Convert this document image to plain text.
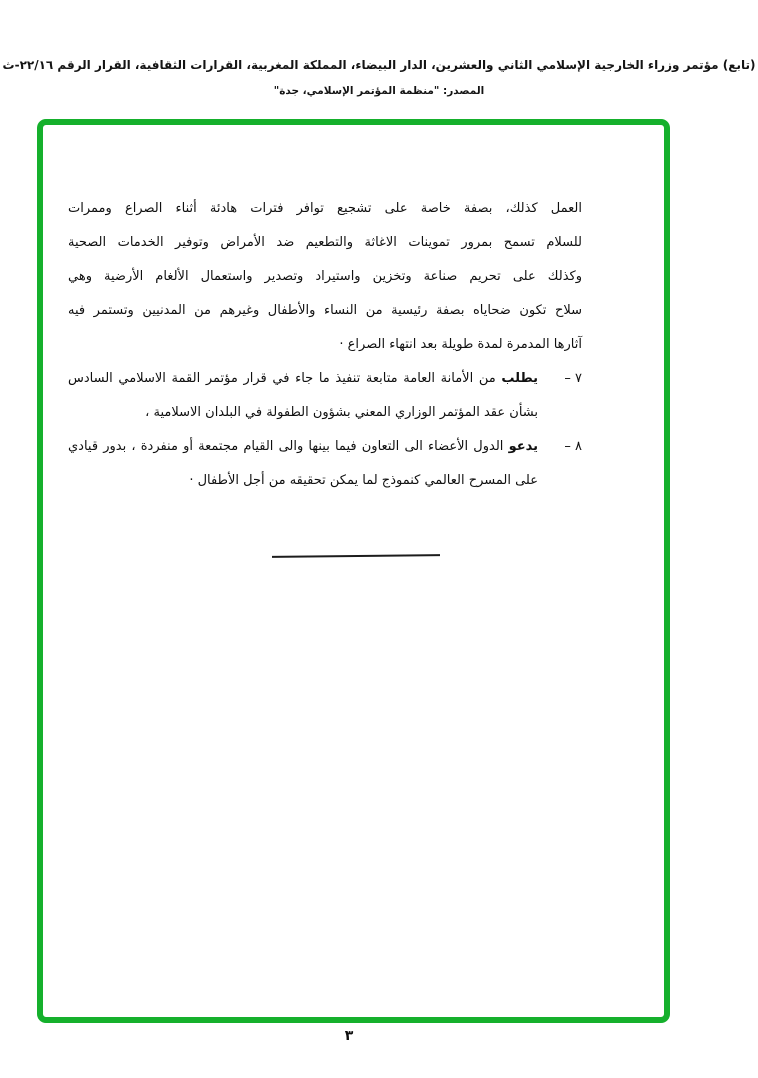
(تابع) مؤتمر وزراء الخارجية الإسلامي الثاني والعشرين، الدار البيضاء، المملكة المغربية، القرارات الثقافية، القرار الرقم ٢٢/١٦-ث
المصدر: "منظمة المؤتمر الإسلامي، جدة"
العمل كذلك، بصفة خاصة على تشجيع توافر فترات هادئة أثناء الصراع وممرات
للسلام تسمح بمرور تموينات الاغاثة والتطعيم ضد الأمراض وتوفير الخدمات الصحية
وكذلك على تحريم صناعة وتخزين واستيراد وتصدير واستعمال الألغام الأرضية وهي
سلاح تكون ضحاياه بصفة رئيسية من النساء والأطفال وغيرهم من المدنيين وتستمر فيه
آثارها المدمرة لمدة طويلة بعد انتهاء الصراع ·
٧ –
يطلب من الأمانة العامة متابعة تنفيذ ما جاء في قرار مؤتمر القمة الاسلامي السادس
بشأن عقد المؤتمر الوزاري المعني بشؤون الطفولة في البلدان الاسلامية ،
٨ –
يدعو الدول الأعضاء الى التعاون فيما بينها والى القيام مجتمعة أو منفردة ، بدور قيادي
على المسرح العالمي كنموذج لما يمكن تحقيقه من أجل الأطفال ·
٣
